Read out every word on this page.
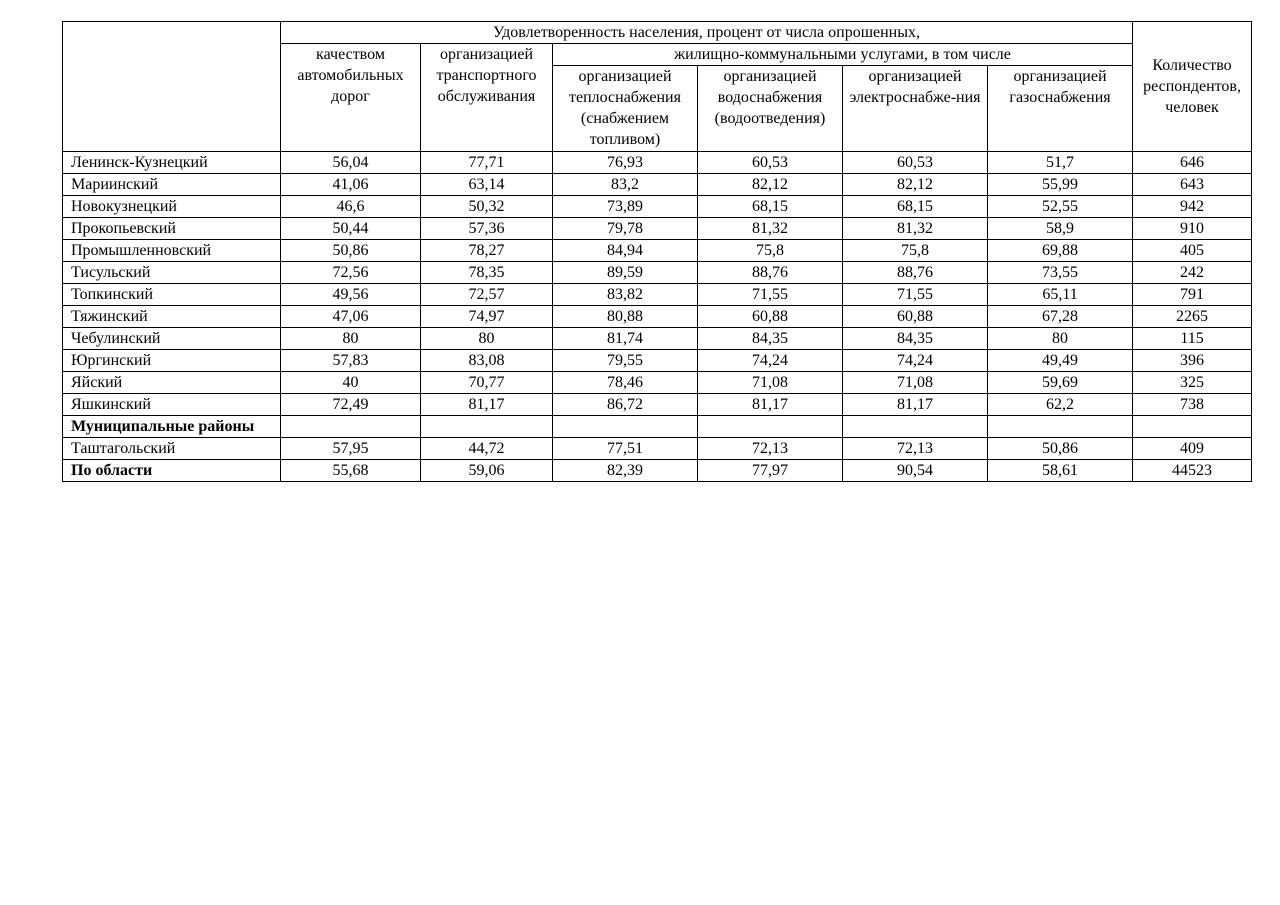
	Удовлетворенность населения, процент от числа опрошенных,						Количество респондентов, человек
	качеством автомобильных дорог	организацией транспортного обслуживания	жилищно-коммунальными услугами, в том числе				
			организацией теплоснабжения (снабжением топливом)	организацией водоснабжения (водоотведения)	организацией электроснабже-ния	организацией газоснабжения	
Ленинск-Кузнецкий	56,04	77,71	76,93	60,53	60,53	51,7	646
Мариинский	41,06	63,14	83,2	82,12	82,12	55,99	643
Новокузнецкий	46,6	50,32	73,89	68,15	68,15	52,55	942
Прокопьевский	50,44	57,36	79,78	81,32	81,32	58,9	910
Промышленновский	50,86	78,27	84,94	75,8	75,8	69,88	405
Тисульский	72,56	78,35	89,59	88,76	88,76	73,55	242
Топкинский	49,56	72,57	83,82	71,55	71,55	65,11	791
Тяжинский	47,06	74,97	80,88	60,88	60,88	67,28	2265
Чебулинский	80	80	81,74	84,35	84,35	80	115
Юргинский	57,83	83,08	79,55	74,24	74,24	49,49	396
Яйский	40	70,77	78,46	71,08	71,08	59,69	325
Яшкинский	72,49	81,17	86,72	81,17	81,17	62,2	738
Муниципальные районы							
Таштагольский	57,95	44,72	77,51	72,13	72,13	50,86	409
По области	55,68	59,06	82,39	77,97	90,54	58,61	44523
